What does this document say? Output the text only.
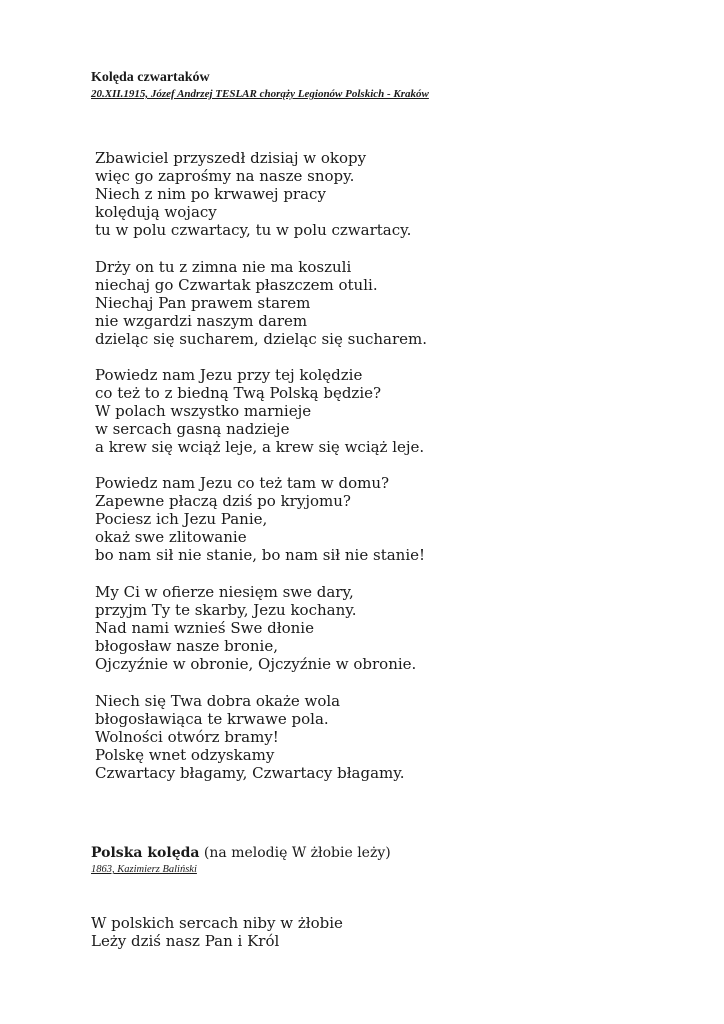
Kolęda czwartaków
20.XII.1915, Józef Andrzej TESLAR chorąży Legionów Polskich - Kraków
Zbawiciel przyszedł dzisiaj w okopy
więc go zaprośmy na nasze snopy.
Niech z nim po krwawej pracy
kolędują wojacy
tu w polu czwartacy, tu w polu czwartacy.
Drży on tu z zimna nie ma koszuli
niechaj go Czwartak płaszczem otuli.
Niechaj Pan prawem starem
nie wzgardzi naszym darem
dzieląc się sucharem, dzieląc się sucharem.
Powiedz nam Jezu przy tej kolędzie
co też to z biedną Twą Polską będzie?
W polach wszystko marnieje
w sercach gasną nadzieje
a krew się wciąż leje, a krew się wciąż leje.
Powiedz nam Jezu co też tam w domu?
Zapewne płaczą dziś po kryjomu?
Pociesz ich Jezu Panie,
okaż swe zlitowanie
bo nam sił nie stanie, bo nam sił nie stanie!
My Ci w ofierze niesięm swe dary,
przyjm Ty te skarby, Jezu kochany.
Nad nami wznieś Swe dłonie
błogosław nasze bronie,
Ojczyźnie w obronie, Ojczyźnie w obronie.
Niech się Twa dobra okaże wola
błogosławiąca te krwawe pola.
Wolności otwórz bramy!
Polskę wnet odzyskamy
Czwartacy błagamy, Czwartacy błagamy.
Polska kolęda (na melodię W żłobie leży)
1863, Kazimierz Baliński
W polskich sercach niby w żłobie
Leży dziś nasz Pan i Król
